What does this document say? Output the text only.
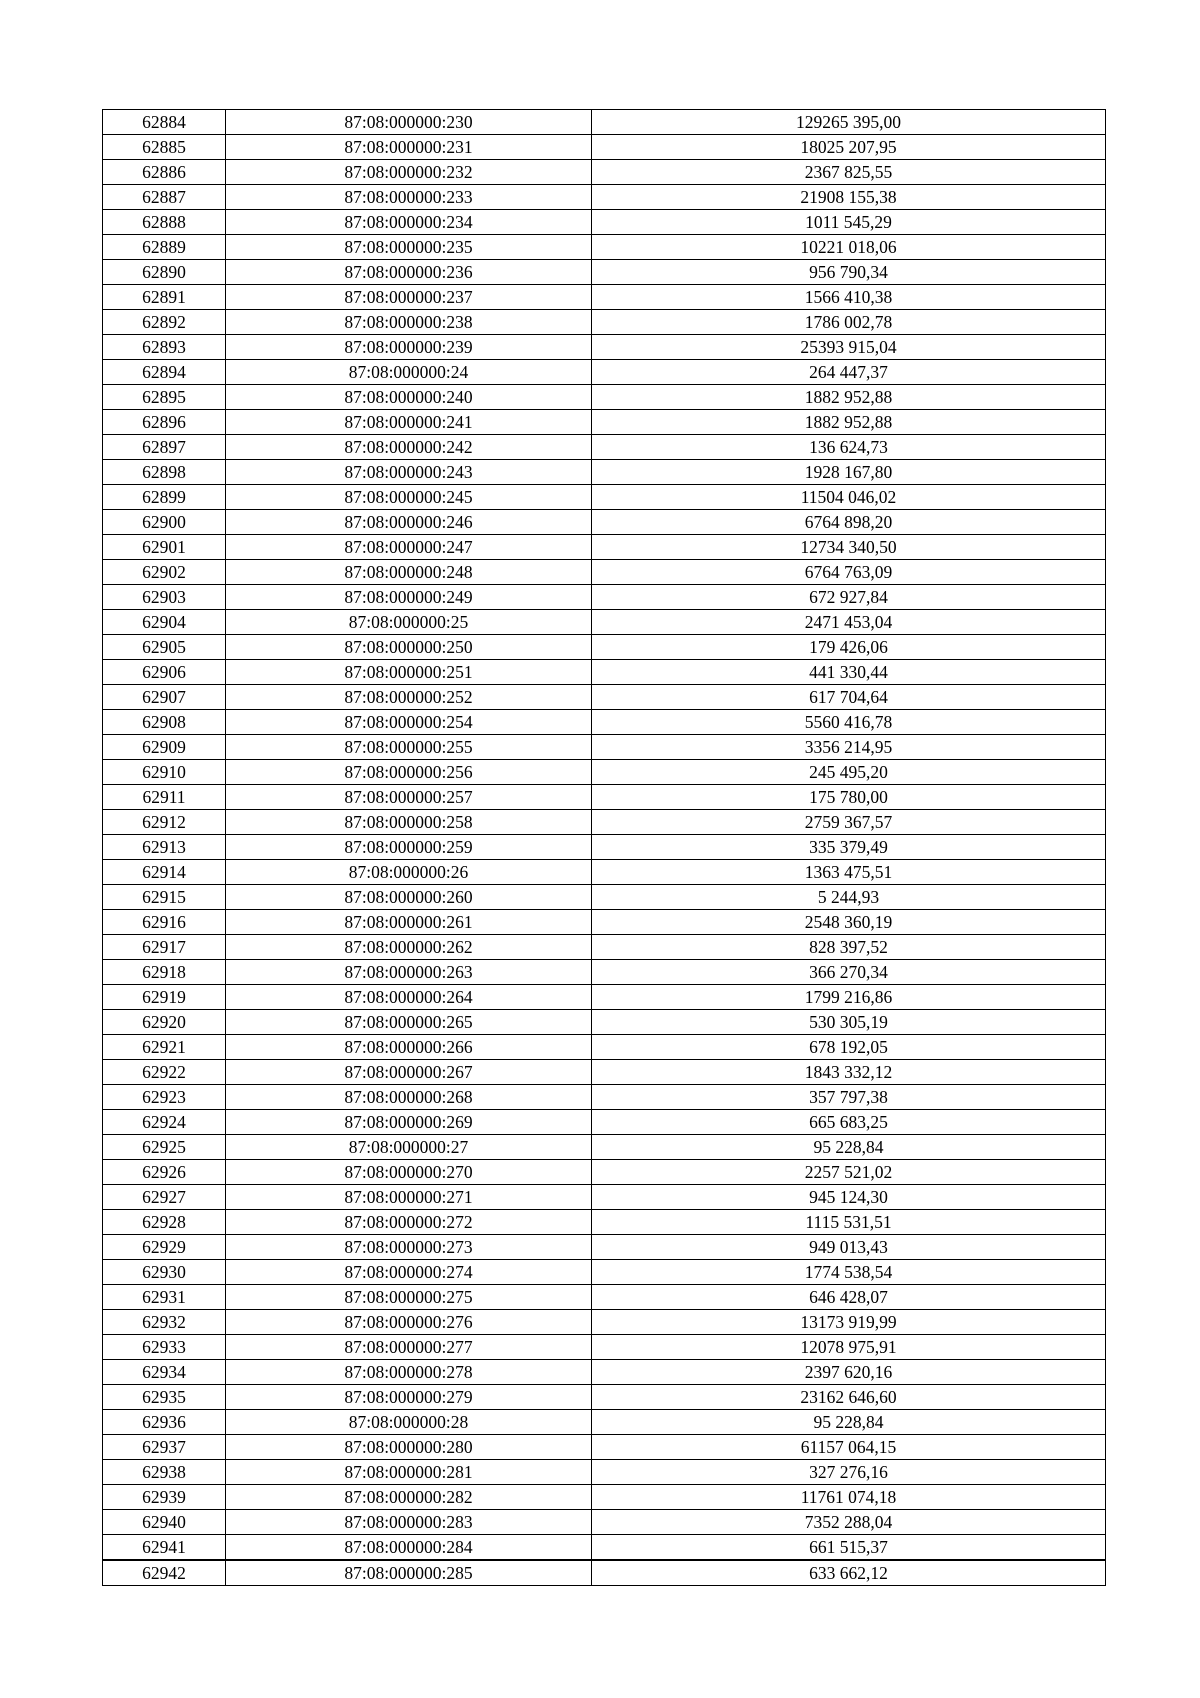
62884	87:08:000000:230	129265 395,00
62885	87:08:000000:231	18025 207,95
62886	87:08:000000:232	2367 825,55
62887	87:08:000000:233	21908 155,38
62888	87:08:000000:234	1011 545,29
62889	87:08:000000:235	10221 018,06
62890	87:08:000000:236	956 790,34
62891	87:08:000000:237	1566 410,38
62892	87:08:000000:238	1786 002,78
62893	87:08:000000:239	25393 915,04
62894	87:08:000000:24	264 447,37
62895	87:08:000000:240	1882 952,88
62896	87:08:000000:241	1882 952,88
62897	87:08:000000:242	136 624,73
62898	87:08:000000:243	1928 167,80
62899	87:08:000000:245	11504 046,02
62900	87:08:000000:246	6764 898,20
62901	87:08:000000:247	12734 340,50
62902	87:08:000000:248	6764 763,09
62903	87:08:000000:249	672 927,84
62904	87:08:000000:25	2471 453,04
62905	87:08:000000:250	179 426,06
62906	87:08:000000:251	441 330,44
62907	87:08:000000:252	617 704,64
62908	87:08:000000:254	5560 416,78
62909	87:08:000000:255	3356 214,95
62910	87:08:000000:256	245 495,20
62911	87:08:000000:257	175 780,00
62912	87:08:000000:258	2759 367,57
62913	87:08:000000:259	335 379,49
62914	87:08:000000:26	1363 475,51
62915	87:08:000000:260	5 244,93
62916	87:08:000000:261	2548 360,19
62917	87:08:000000:262	828 397,52
62918	87:08:000000:263	366 270,34
62919	87:08:000000:264	1799 216,86
62920	87:08:000000:265	530 305,19
62921	87:08:000000:266	678 192,05
62922	87:08:000000:267	1843 332,12
62923	87:08:000000:268	357 797,38
62924	87:08:000000:269	665 683,25
62925	87:08:000000:27	95 228,84
62926	87:08:000000:270	2257 521,02
62927	87:08:000000:271	945 124,30
62928	87:08:000000:272	1115 531,51
62929	87:08:000000:273	949 013,43
62930	87:08:000000:274	1774 538,54
62931	87:08:000000:275	646 428,07
62932	87:08:000000:276	13173 919,99
62933	87:08:000000:277	12078 975,91
62934	87:08:000000:278	2397 620,16
62935	87:08:000000:279	23162 646,60
62936	87:08:000000:28	95 228,84
62937	87:08:000000:280	61157 064,15
62938	87:08:000000:281	327 276,16
62939	87:08:000000:282	11761 074,18
62940	87:08:000000:283	7352 288,04
62941	87:08:000000:284	661 515,37
62942	87:08:000000:285	633 662,12
